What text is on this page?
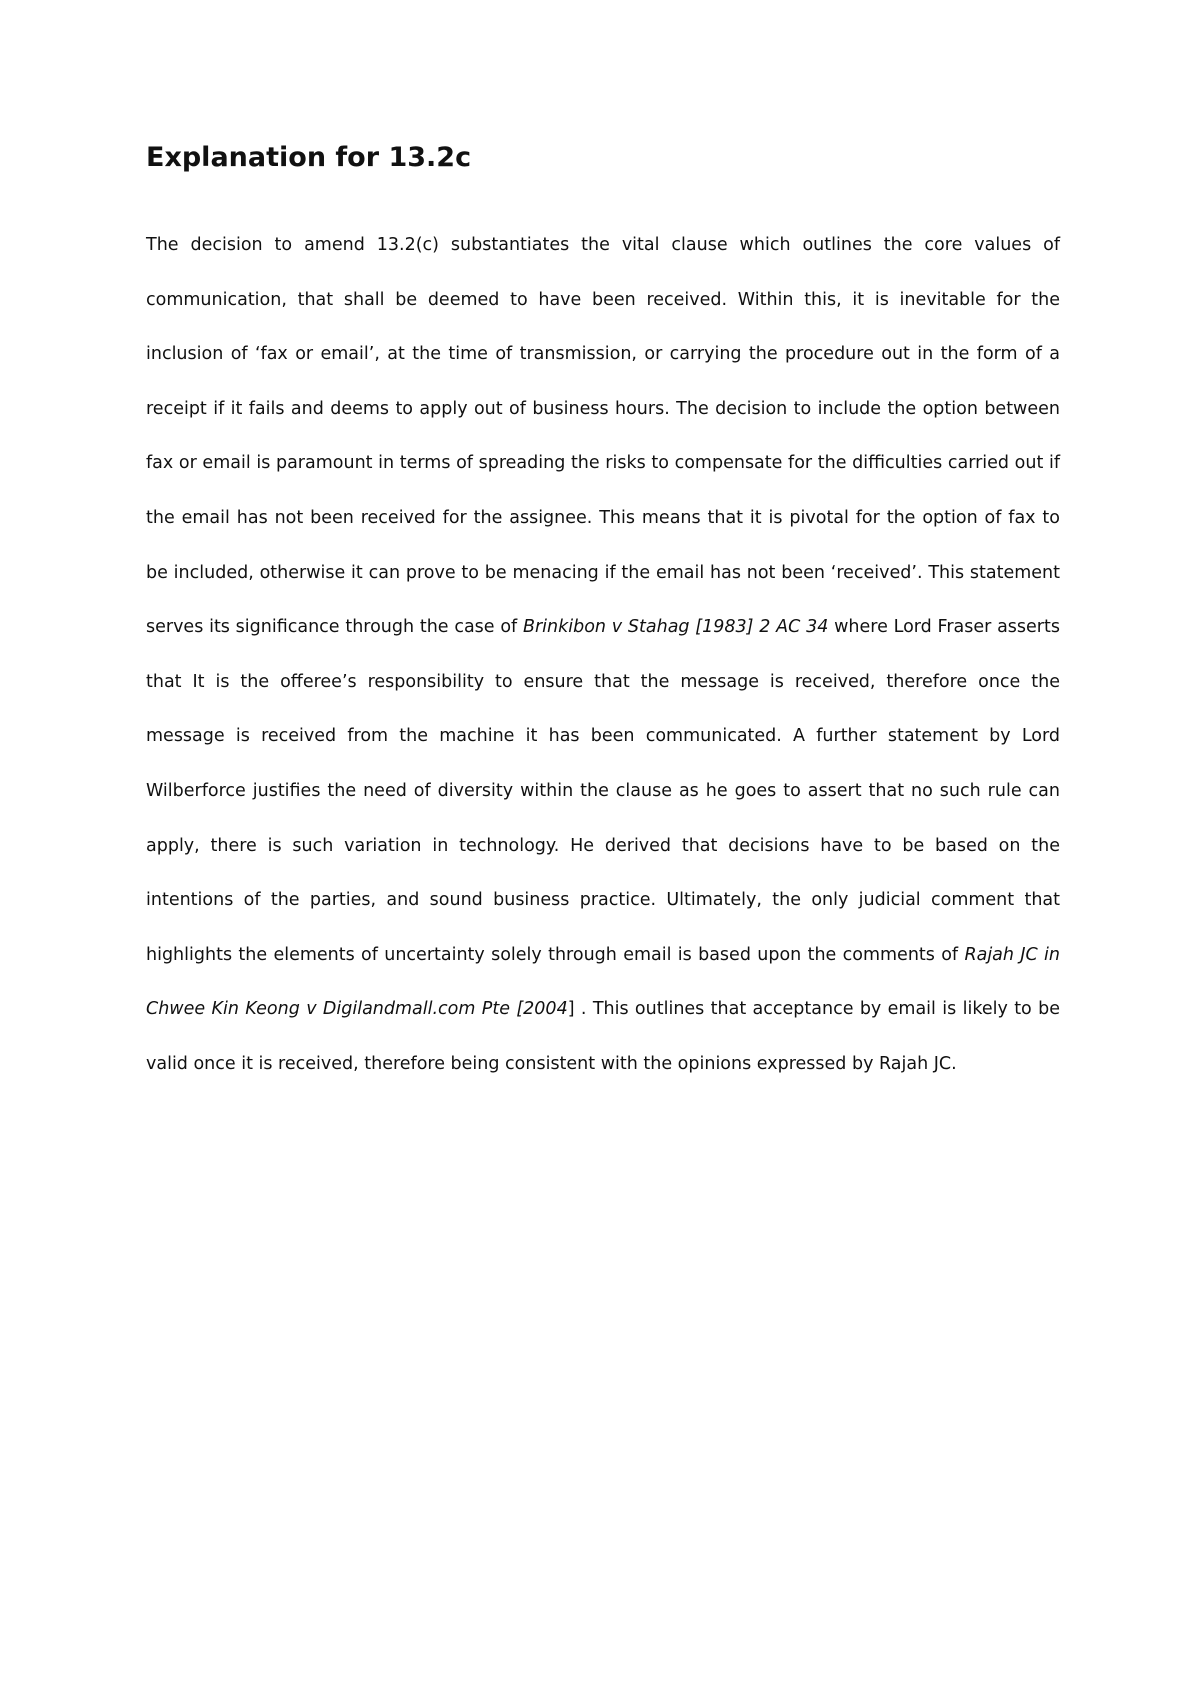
Explanation for 13.2c

The decision to amend 13.2(c) substantiates the vital clause which outlines the core values of communication, that shall be deemed to have been received. Within this, it is inevitable for the inclusion of ‘fax or email’, at the time of transmission, or carrying the procedure out in the form of a receipt if it fails and deems to apply out of business hours. The decision to include the option between fax or email is paramount in terms of spreading the risks to compensate for the difficulties carried out if the email has not been received for the assignee. This means that it is pivotal for the option of fax to be included, otherwise it can prove to be menacing if the email has not been ‘received’. This statement serves its significance through the case of Brinkibon v Stahag [1983] 2 AC 34 where Lord Fraser asserts that It is the offeree’s responsibility to ensure that the message is received, therefore once the message is received from the machine it has been communicated. A further statement by Lord Wilberforce justifies the need of diversity within the clause as he goes to assert that no such rule can apply, there is such variation in technology. He derived that decisions have to be based on the intentions of the parties, and sound business practice. Ultimately, the only judicial comment that highlights the elements of uncertainty solely through email is based upon the comments of Rajah JC in Chwee Kin Keong v Digilandmall.com Pte [2004] . This outlines that acceptance by email is likely to be valid once it is received, therefore being consistent with the opinions expressed by Rajah JC.
